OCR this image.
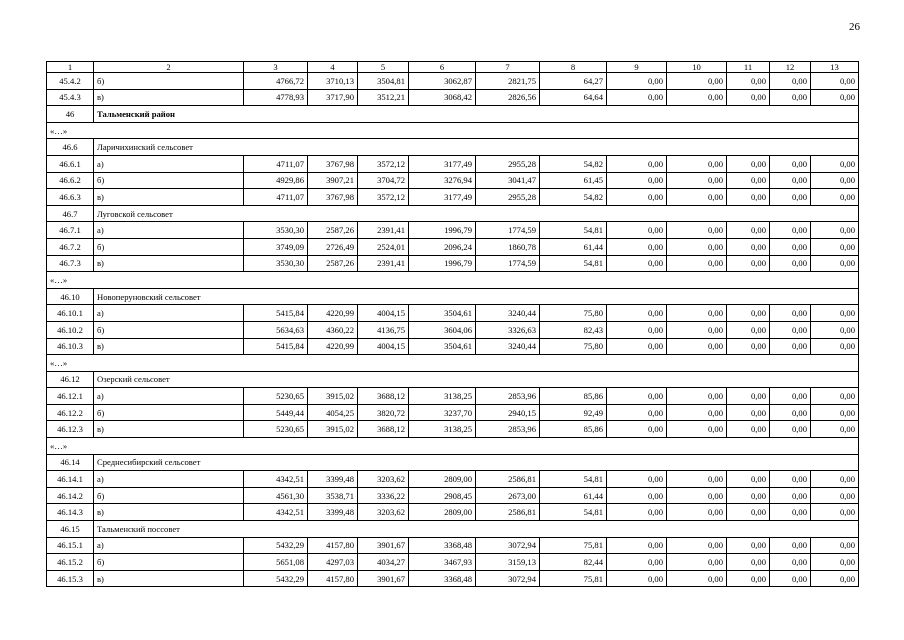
26
1	2	3	4	5	6	7	8	9	10	11	12	13
45.4.2	б)	4766,72	3710,13	3504,81	3062,87	2821,75	64,27	0,00	0,00	0,00	0,00	0,00
45.4.3	в)	4778,93	3717,90	3512,21	3068,42	2826,56	64,64	0,00	0,00	0,00	0,00	0,00
46	Тальменский район											
«…»												
46.6	Ларичихинский сельсовет											
46.6.1	а)	4711,07	3767,98	3572,12	3177,49	2955,28	54,82	0,00	0,00	0,00	0,00	0,00
46.6.2	б)	4929,86	3907,21	3704,72	3276,94	3041,47	61,45	0,00	0,00	0,00	0,00	0,00
46.6.3	в)	4711,07	3767,98	3572,12	3177,49	2955,28	54,82	0,00	0,00	0,00	0,00	0,00
46.7	Луговской сельсовет											
46.7.1	а)	3530,30	2587,26	2391,41	1996,79	1774,59	54,81	0,00	0,00	0,00	0,00	0,00
46.7.2	б)	3749,09	2726,49	2524,01	2096,24	1860,78	61,44	0,00	0,00	0,00	0,00	0,00
46.7.3	в)	3530,30	2587,26	2391,41	1996,79	1774,59	54,81	0,00	0,00	0,00	0,00	0,00
«…»												
46.10	Новоперуновский сельсовет											
46.10.1	а)	5415,84	4220,99	4004,15	3504,61	3240,44	75,80	0,00	0,00	0,00	0,00	0,00
46.10.2	б)	5634,63	4360,22	4136,75	3604,06	3326,63	82,43	0,00	0,00	0,00	0,00	0,00
46.10.3	в)	5415,84	4220,99	4004,15	3504,61	3240,44	75,80	0,00	0,00	0,00	0,00	0,00
«…»												
46.12	Озерский сельсовет											
46.12.1	а)	5230,65	3915,02	3688,12	3138,25	2853,96	85,86	0,00	0,00	0,00	0,00	0,00
46.12.2	б)	5449,44	4054,25	3820,72	3237,70	2940,15	92,49	0,00	0,00	0,00	0,00	0,00
46.12.3	в)	5230,65	3915,02	3688,12	3138,25	2853,96	85,86	0,00	0,00	0,00	0,00	0,00
«…»												
46.14	Среднесибирский сельсовет											
46.14.1	а)	4342,51	3399,48	3203,62	2809,00	2586,81	54,81	0,00	0,00	0,00	0,00	0,00
46.14.2	б)	4561,30	3538,71	3336,22	2908,45	2673,00	61,44	0,00	0,00	0,00	0,00	0,00
46.14.3	в)	4342,51	3399,48	3203,62	2809,00	2586,81	54,81	0,00	0,00	0,00	0,00	0,00
46.15	Тальменский поссовет											
46.15.1	а)	5432,29	4157,80	3901,67	3368,48	3072,94	75,81	0,00	0,00	0,00	0,00	0,00
46.15.2	б)	5651,08	4297,03	4034,27	3467,93	3159,13	82,44	0,00	0,00	0,00	0,00	0,00
46.15.3	в)	5432,29	4157,80	3901,67	3368,48	3072,94	75,81	0,00	0,00	0,00	0,00	0,00
